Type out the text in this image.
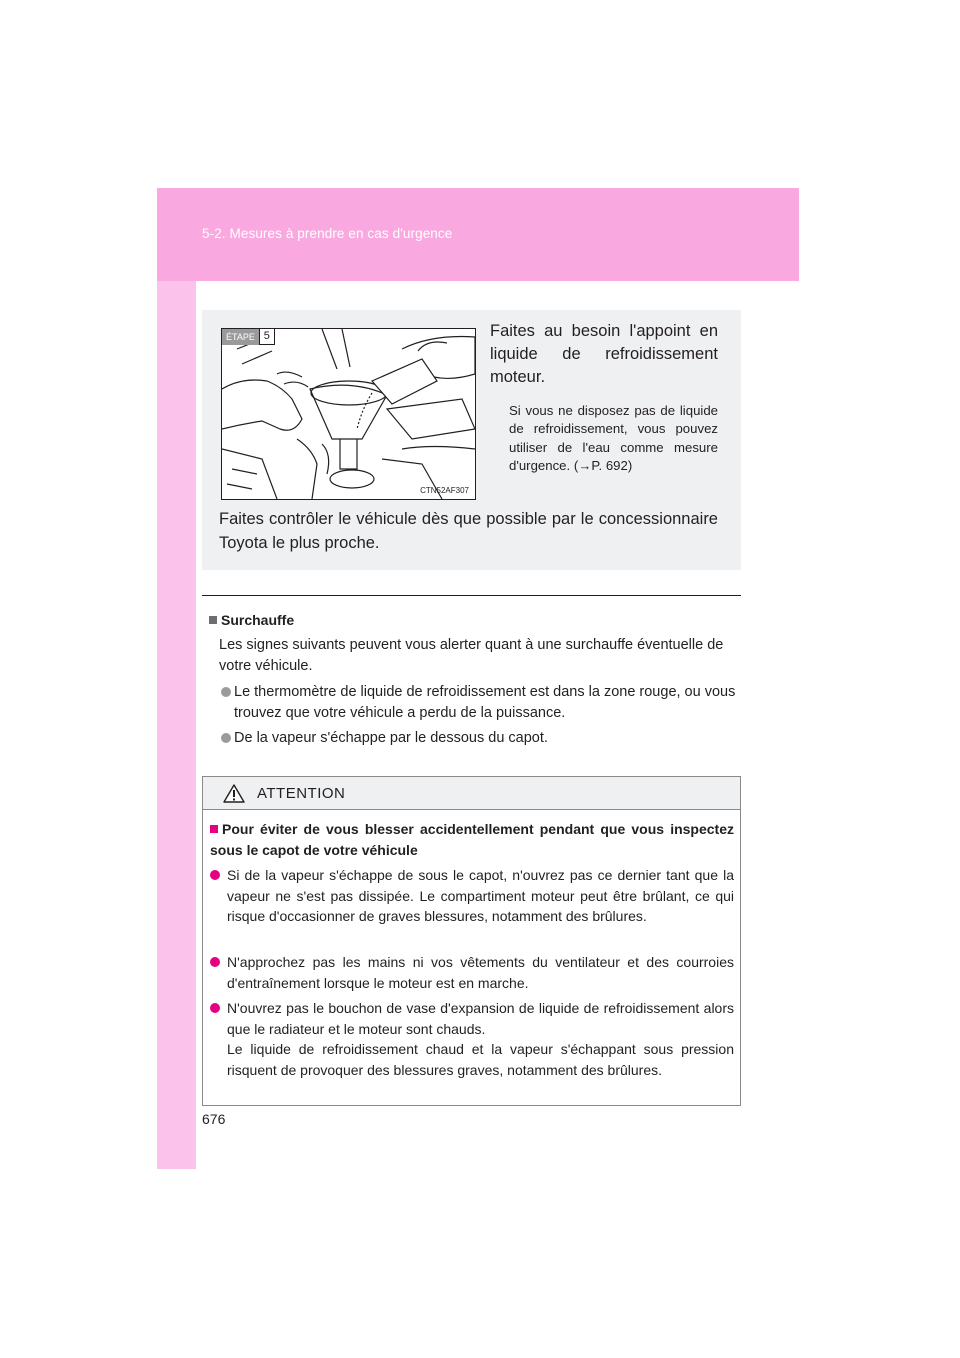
5-2. Mesures à prendre en cas d'urgence
ÉTAPE 5
CTN52AF307
Faites au besoin l'appoint en liquide de refroidissement moteur.
Si vous ne disposez pas de liquide de refroidissement, vous pouvez utiliser de l'eau comme mesure d'urgence. (→P. 692)
Faites contrôler le véhicule dès que possible par le concessionnaire Toyota le plus proche.
Surchauffe
Les signes suivants peuvent vous alerter quant à une surchauffe éventuelle de votre véhicule.
Le thermomètre de liquide de refroidissement est dans la zone rouge, ou vous trouvez que votre véhicule a perdu de la puissance.
De la vapeur s'échappe par le dessous du capot.
ATTENTION
Pour éviter de vous blesser accidentellement pendant que vous inspectez sous le capot de votre véhicule
Si de la vapeur s'échappe de sous le capot, n'ouvrez pas ce dernier tant que la vapeur ne s'est pas dissipée. Le compartiment moteur peut être brûlant, ce qui risque d'occasionner de graves blessures, notamment des brûlures.
N'approchez pas les mains ni vos vêtements du ventilateur et des courroies d'entraînement lorsque le moteur est en marche.
N'ouvrez pas le bouchon de vase d'expansion de liquide de refroidissement alors que le radiateur et le moteur sont chauds.
Le liquide de refroidissement chaud et la vapeur s'échappant sous pression risquent de provoquer des blessures graves, notamment des brûlures.
676
